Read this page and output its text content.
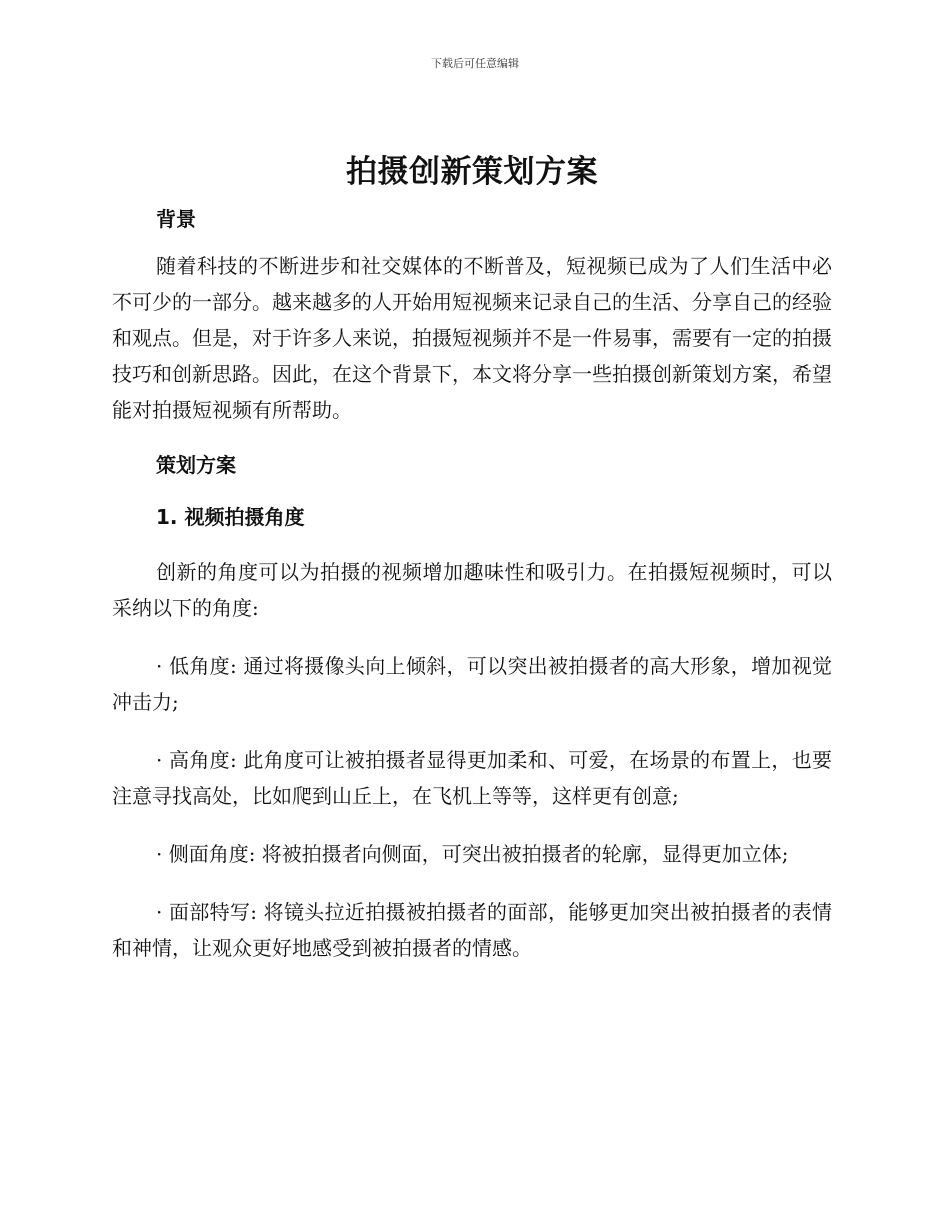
下载后可任意编辑
拍摄创新策划方案

背景

随着科技的不断进步和社交媒体的不断普及，短视频已成为了人们生活中必不可少的一部分。越来越多的人开始用短视频来记录自己的生活、分享自己的经验和观点。但是，对于许多人来说，拍摄短视频并不是一件易事，需要有一定的拍摄技巧和创新思路。因此，在这个背景下，本文将分享一些拍摄创新策划方案，希望能对拍摄短视频有所帮助。

策划方案

1. 视频拍摄角度

创新的角度可以为拍摄的视频增加趣味性和吸引力。在拍摄短视频时，可以采纳以下的角度:

· 低角度: 通过将摄像头向上倾斜，可以突出被拍摄者的高大形象，增加视觉冲击力;

· 高角度: 此角度可让被拍摄者显得更加柔和、可爱，在场景的布置上，也要注意寻找高处，比如爬到山丘上，在飞机上等等，这样更有创意;

· 侧面角度: 将被拍摄者向侧面，可突出被拍摄者的轮廓，显得更加立体;

· 面部特写: 将镜头拉近拍摄被拍摄者的面部，能够更加突出被拍摄者的表情和神情，让观众更好地感受到被拍摄者的情感。
